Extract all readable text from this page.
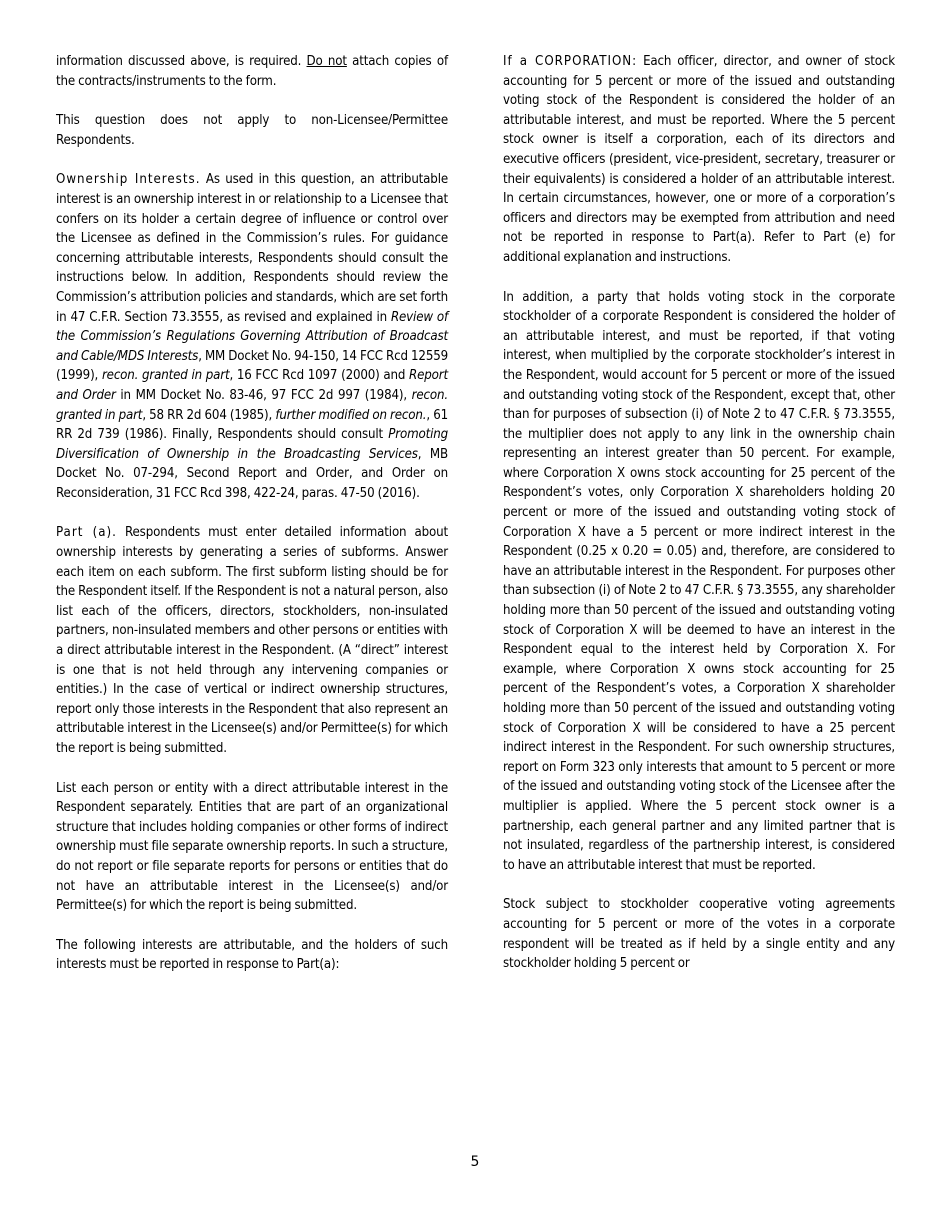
information discussed above, is required. Do not attach copies of the contracts/instruments to the form.

This question does not apply to non-Licensee/Permittee Respondents.

Ownership Interests. As used in this question, an attributable interest is an ownership interest in or relationship to a Licensee that confers on its holder a certain degree of influence or control over the Licensee as defined in the Commission’s rules. For guidance concerning attributable interests, Respondents should consult the instructions below. In addition, Respondents should review the Commission’s attribution policies and standards, which are set forth in 47 C.F.R. Section 73.3555, as revised and explained in Review of the Commission’s Regulations Governing Attribution of Broadcast and Cable/MDS Interests, MM Docket No. 94-150, 14 FCC Rcd 12559 (1999), recon. granted in part, 16 FCC Rcd 1097 (2000) and Report and Order in MM Docket No. 83-46, 97 FCC 2d 997 (1984), recon. granted in part, 58 RR 2d 604 (1985), further modified on recon., 61 RR 2d 739 (1986). Finally, Respondents should consult Promoting Diversification of Ownership in the Broadcasting Services, MB Docket No. 07-294, Second Report and Order, and Order on Reconsideration, 31 FCC Rcd 398, 422-24, paras. 47-50 (2016).

Part (a). Respondents must enter detailed information about ownership interests by generating a series of subforms. Answer each item on each subform. The first subform listing should be for the Respondent itself. If the Respondent is not a natural person, also list each of the officers, directors, stockholders, non-insulated partners, non-insulated members and other persons or entities with a direct attributable interest in the Respondent. (A “direct” interest is one that is not held through any intervening companies or entities.) In the case of vertical or indirect ownership structures, report only those interests in the Respondent that also represent an attributable interest in the Licensee(s) and/or Permittee(s) for which the report is being submitted.

List each person or entity with a direct attributable interest in the Respondent separately. Entities that are part of an organizational structure that includes holding companies or other forms of indirect ownership must file separate ownership reports. In such a structure, do not report or file separate reports for persons or entities that do not have an attributable interest in the Licensee(s) and/or Permittee(s) for which the report is being submitted.

The following interests are attributable, and the holders of such interests must be reported in response to Part(a):

If a CORPORATION: Each officer, director, and owner of stock accounting for 5 percent or more of the issued and outstanding voting stock of the Respondent is considered the holder of an attributable interest, and must be reported. Where the 5 percent stock owner is itself a corporation, each of its directors and executive officers (president, vice-president, secretary, treasurer or their equivalents) is considered a holder of an attributable interest. In certain circumstances, however, one or more of a corporation’s officers and directors may be exempted from attribution and need not be reported in response to Part(a). Refer to Part (e) for additional explanation and instructions.

In addition, a party that holds voting stock in the corporate stockholder of a corporate Respondent is considered the holder of an attributable interest, and must be reported, if that voting interest, when multiplied by the corporate stockholder’s interest in the Respondent, would account for 5 percent or more of the issued and outstanding voting stock of the Respondent, except that, other than for purposes of subsection (i) of Note 2 to 47 C.F.R. § 73.3555, the multiplier does not apply to any link in the ownership chain representing an interest greater than 50 percent. For example, where Corporation X owns stock accounting for 25 percent of the Respondent’s votes, only Corporation X shareholders holding 20 percent or more of the issued and outstanding voting stock of Corporation X have a 5 percent or more indirect interest in the Respondent (0.25 x 0.20 = 0.05) and, therefore, are considered to have an attributable interest in the Respondent. For purposes other than subsection (i) of Note 2 to 47 C.F.R. § 73.3555, any shareholder holding more than 50 percent of the issued and outstanding voting stock of Corporation X will be deemed to have an interest in the Respondent equal to the interest held by Corporation X. For example, where Corporation X owns stock accounting for 25 percent of the Respondent’s votes, a Corporation X shareholder holding more than 50 percent of the issued and outstanding voting stock of Corporation X will be considered to have a 25 percent indirect interest in the Respondent. For such ownership structures, report on Form 323 only interests that amount to 5 percent or more of the issued and outstanding voting stock of the Licensee after the multiplier is applied. Where the 5 percent stock owner is a partnership, each general partner and any limited partner that is not insulated, regardless of the partnership interest, is considered to have an attributable interest that must be reported.

Stock subject to stockholder cooperative voting agreements accounting for 5 percent or more of the votes in a corporate respondent will be treated as if held by a single entity and any stockholder holding 5 percent or

5
